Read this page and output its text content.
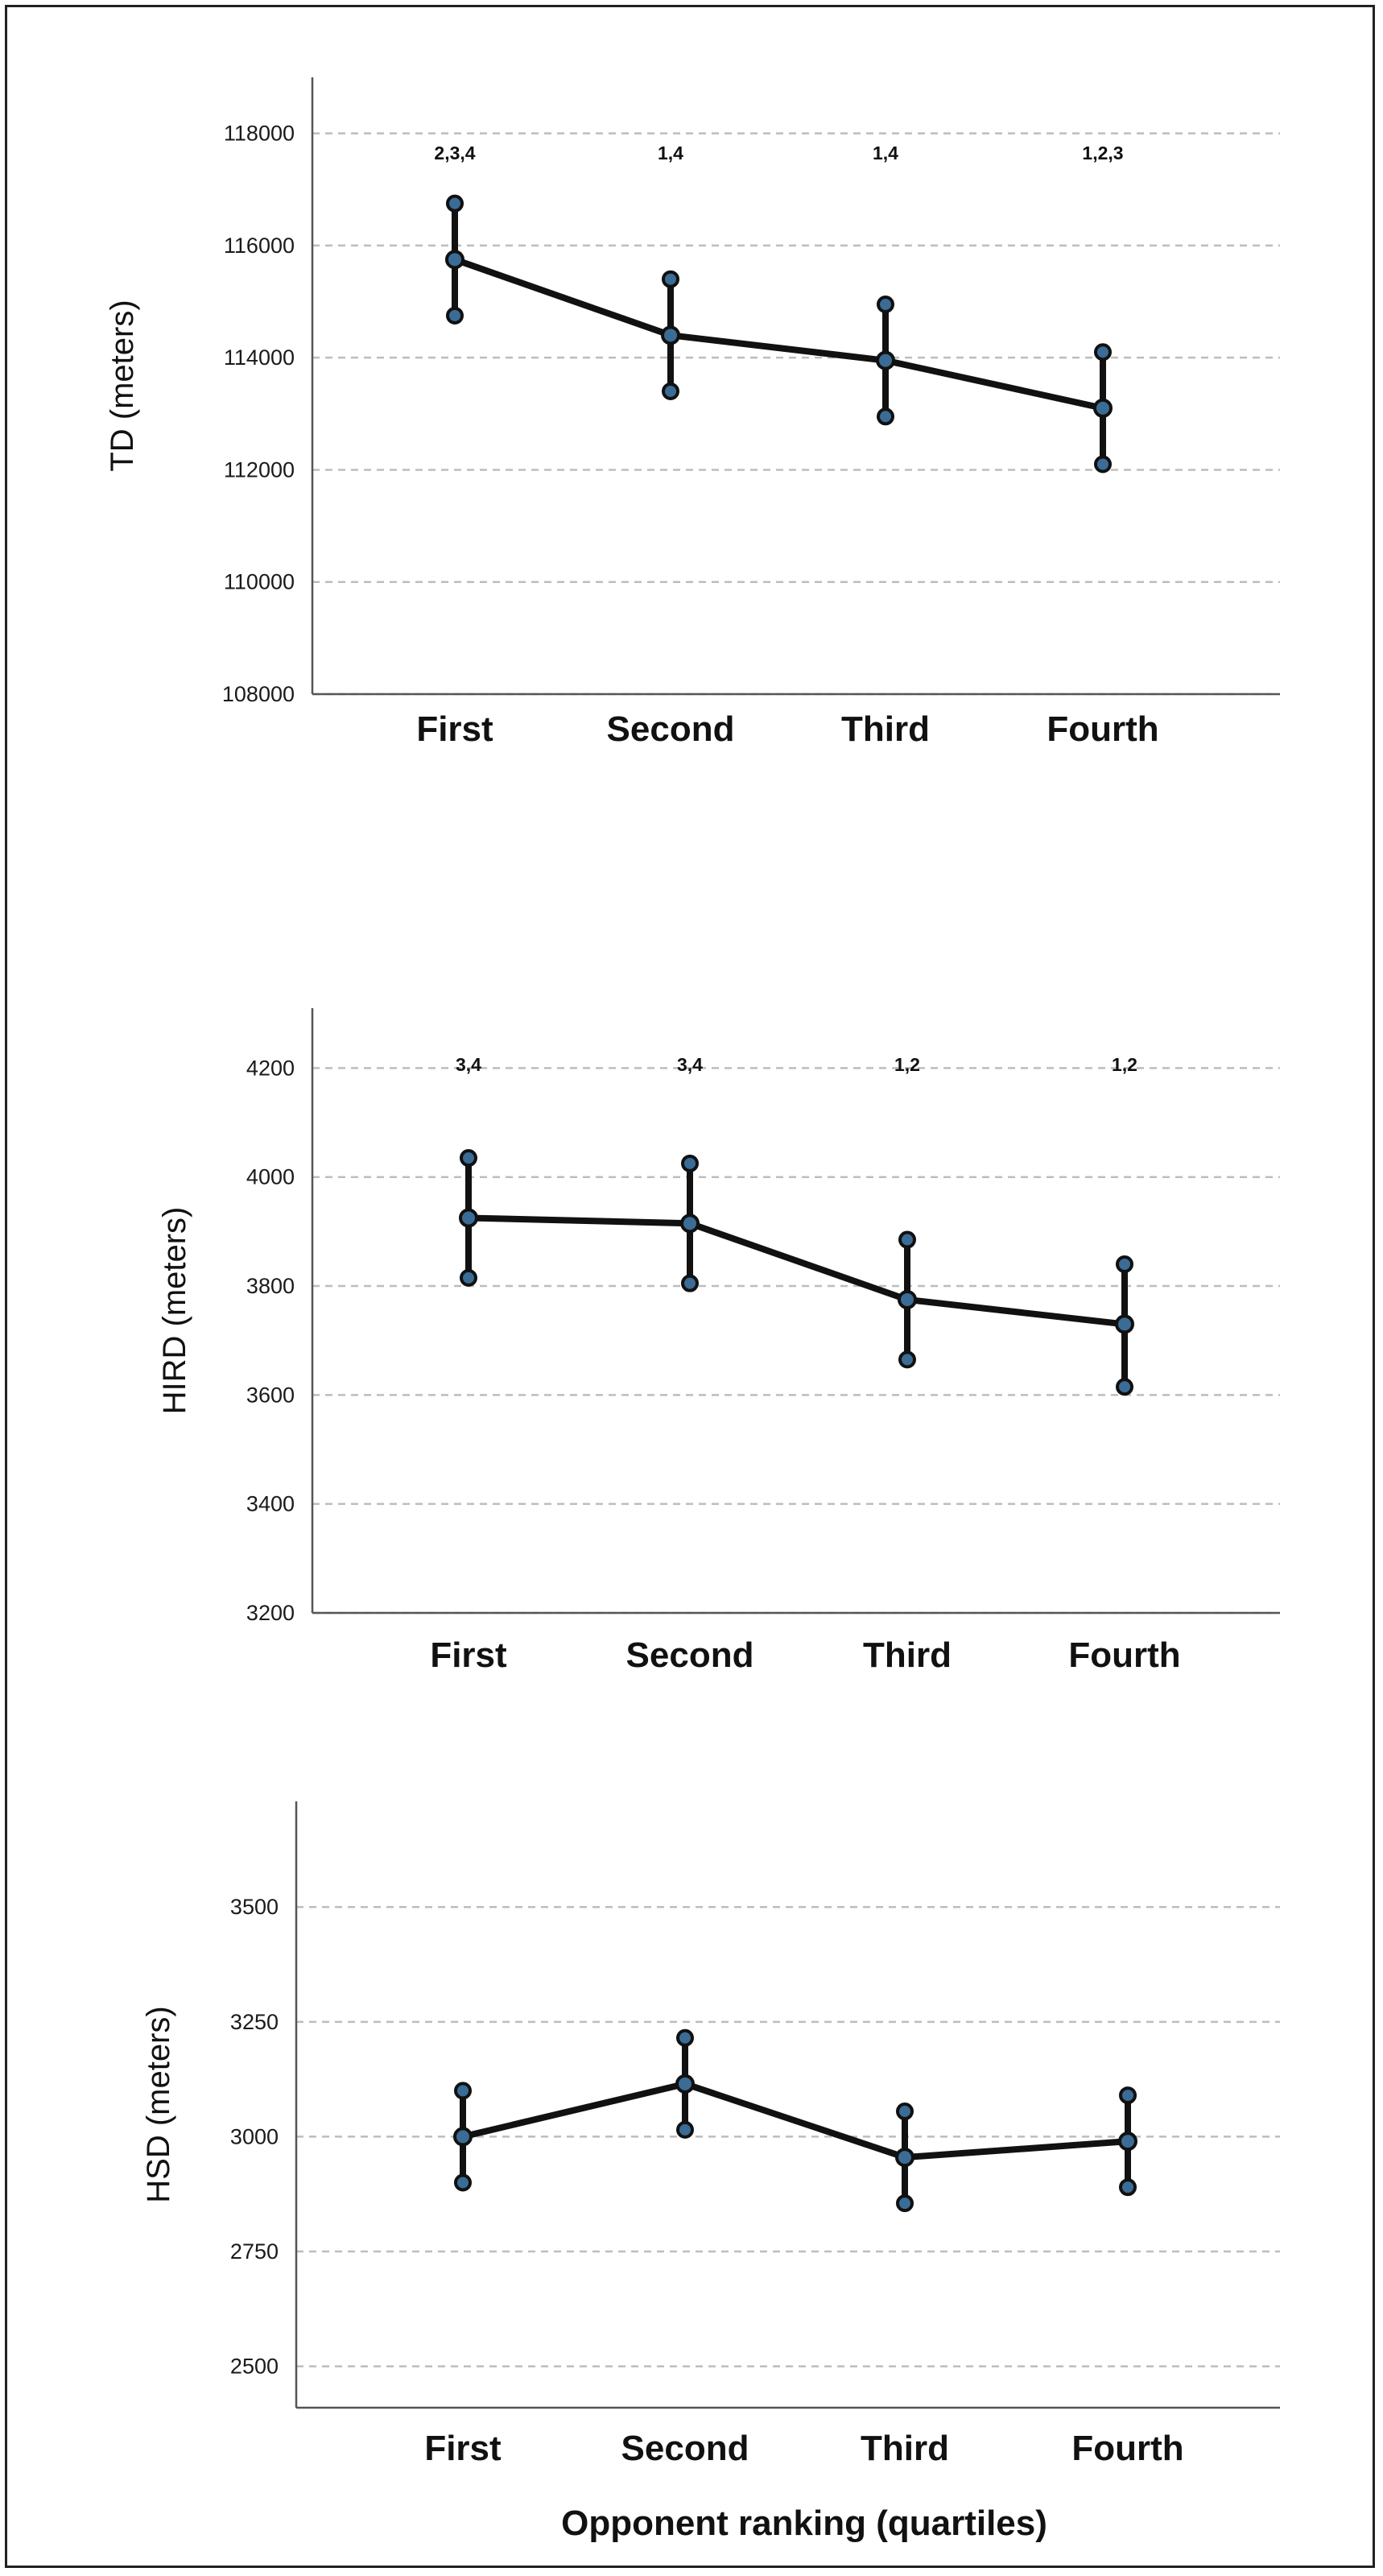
108000
110000
112000
114000
116000
118000
TD (meters)
First	Second	Third	Fourth
2,3,4	1,4	1,4	1,2,3
3200
3400
3600
3800
4000
4200
HIRD (meters)
First	Second	Third	Fourth
3,4	3,4	1,2	1,2
2500
2750
3000
3250
3500
HSD (meters)
First	Second	Third	Fourth
Opponent ranking (quartiles)
